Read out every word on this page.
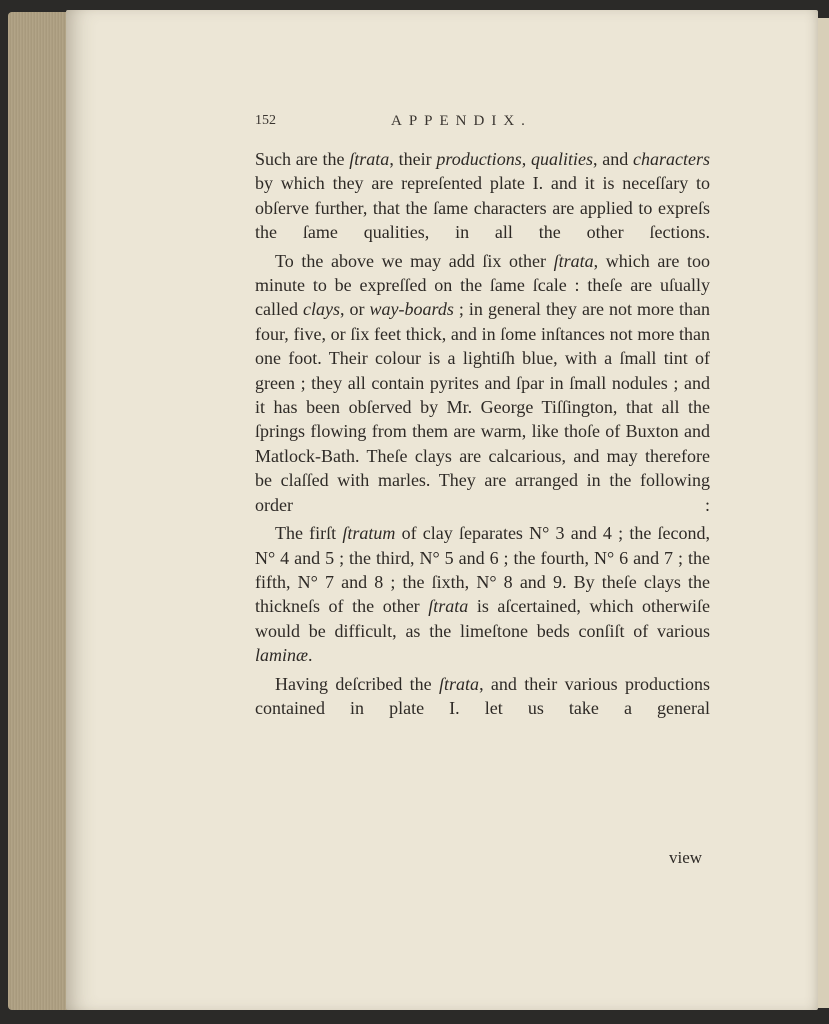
152	APPENDIX.

Such are the ſtrata, their productions, qualities, and characters by which they are repreſented plate I. and it is neceſſary to obſerve further, that the ſame characters are applied to expreſs the ſame qualities, in all the other ſections.

To the above we may add ſix other ſtrata, which are too minute to be expreſſed on the ſame ſcale : theſe are uſually called clays, or way-boards ; in general they are not more than four, five, or ſix feet thick, and in ſome inſtances not more than one foot. Their colour is a lightiſh blue, with a ſmall tint of green ; they all contain pyrites and ſpar in ſmall nodules ; and it has been obſerved by Mr. George Tiſſington, that all the ſprings flowing from them are warm, like thoſe of Buxton and Matlock-Bath. Theſe clays are calcarious, and may therefore be claſſed with marles. They are arranged in the following order :

The firſt ſtratum of clay ſeparates N° 3 and 4 ; the ſecond, N° 4 and 5 ; the third, N° 5 and 6 ; the fourth, N° 6 and 7 ; the fifth, N° 7 and 8 ; the ſixth, N° 8 and 9. By theſe clays the thickneſs of the other ſtrata is aſcertained, which otherwiſe would be difficult, as the limeſtone beds conſiſt of various laminæ.

Having deſcribed the ſtrata, and their various productions contained in plate I. let us take a general

view
